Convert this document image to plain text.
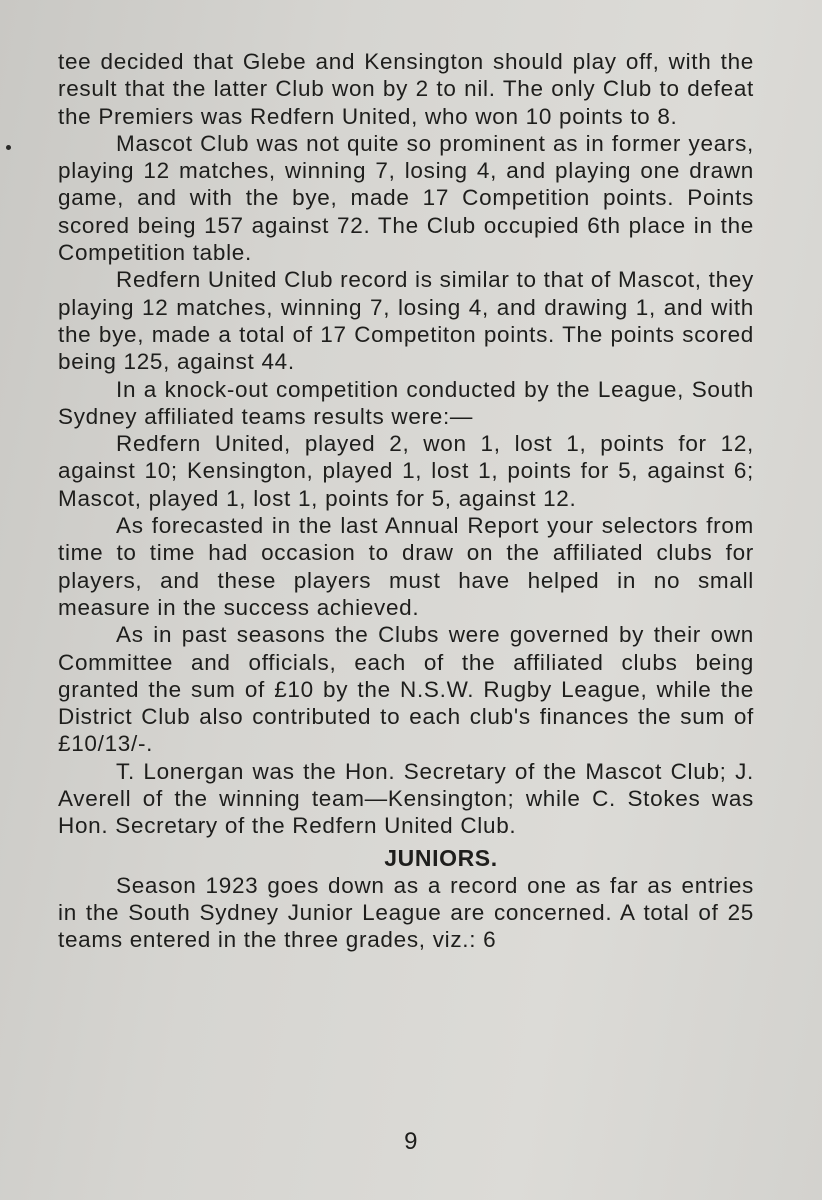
tee decided that Glebe and Kensington should play off, with the result that the latter Club won by 2 to nil. The only Club to defeat the Premiers was Redfern United, who won 10 points to 8.

Mascot Club was not quite so prominent as in former years, playing 12 matches, winning 7, losing 4, and playing one drawn game, and with the bye, made 17 Competition points. Points scored being 157 against 72. The Club occupied 6th place in the Competition table.

Redfern United Club record is similar to that of Mascot, they playing 12 matches, winning 7, losing 4, and drawing 1, and with the bye, made a total of 17 Competiton points. The points scored being 125, against 44.

In a knock-out competition conducted by the League, South Sydney affiliated teams results were:—

Redfern United, played 2, won 1, lost 1, points for 12, against 10; Kensington, played 1, lost 1, points for 5, against 6; Mascot, played 1, lost 1, points for 5, against 12.

As forecasted in the last Annual Report your selectors from time to time had occasion to draw on the affiliated clubs for players, and these players must have helped in no small measure in the success achieved.

As in past seasons the Clubs were governed by their own Committee and officials, each of the affiliated clubs being granted the sum of £10 by the N.S.W. Rugby League, while the District Club also contributed to each club's finances the sum of £10/13/-.

T. Lonergan was the Hon. Secretary of the Mascot Club; J. Averell of the winning team—Kensington; while C. Stokes was Hon. Secretary of the Redfern United Club.

JUNIORS.

Season 1923 goes down as a record one as far as entries in the South Sydney Junior League are concerned. A total of 25 teams entered in the three grades, viz.: 6

9
